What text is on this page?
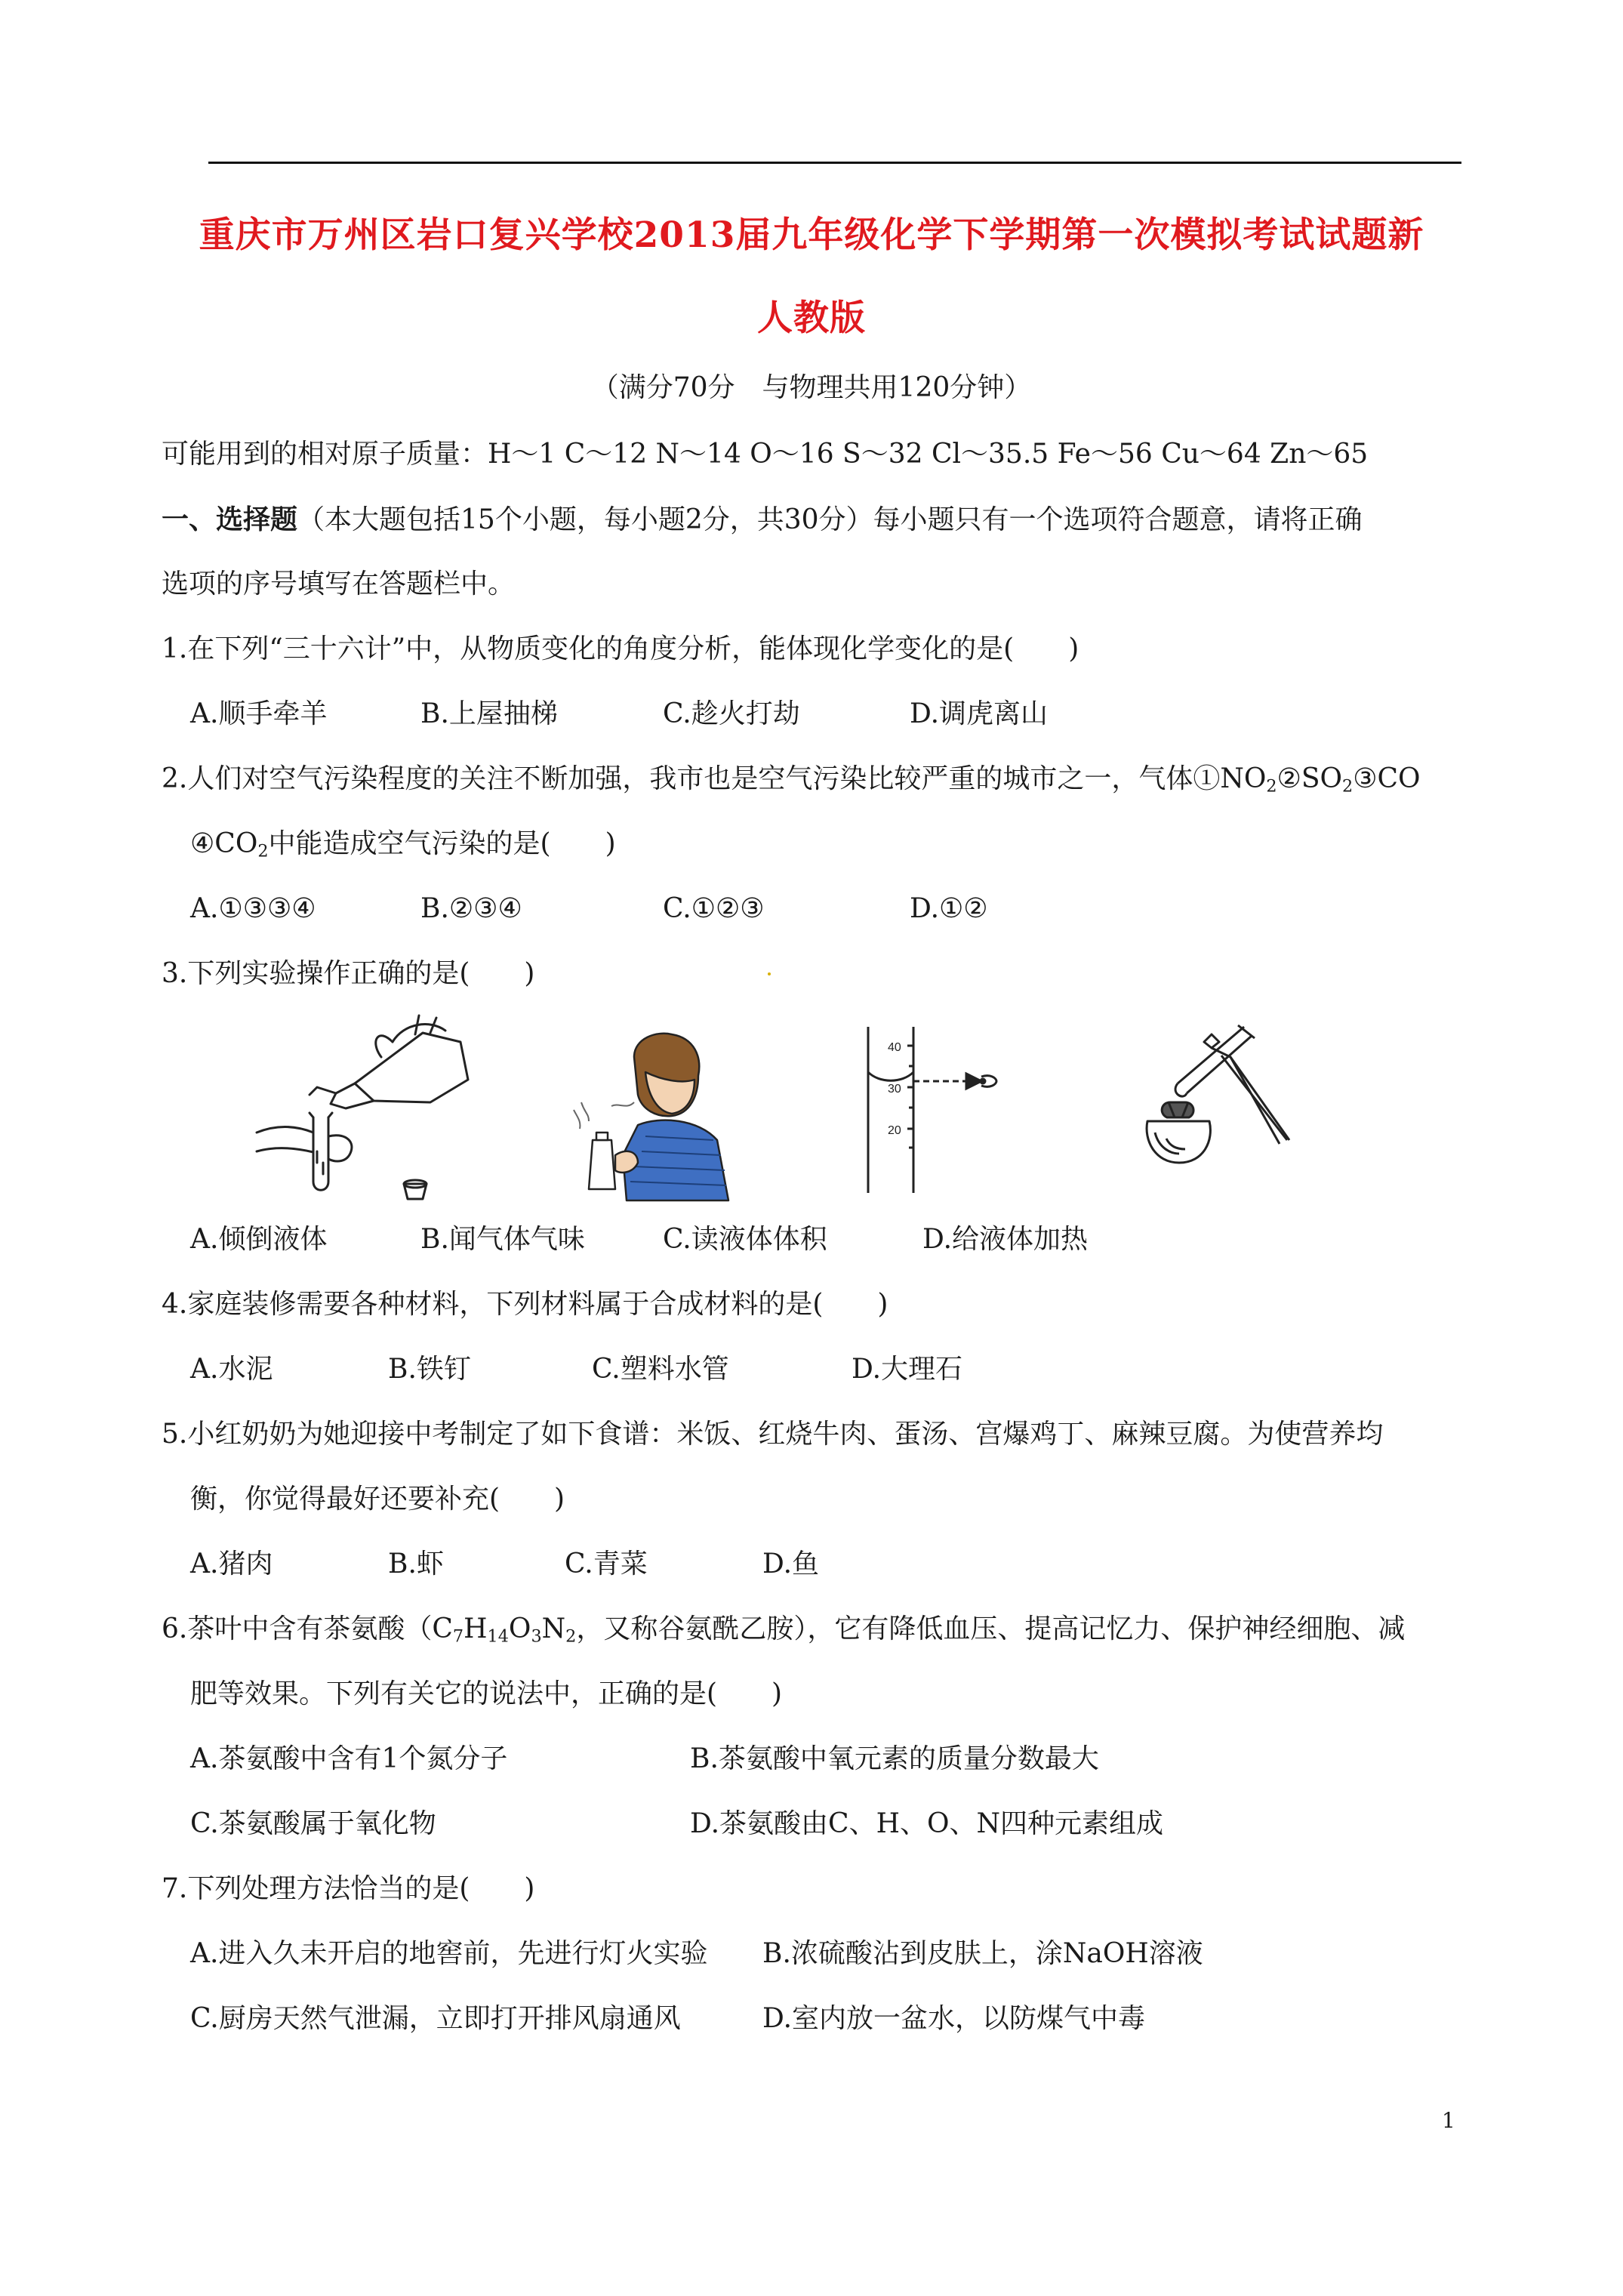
重庆市万州区岩口复兴学校2013届九年级化学下学期第一次模拟考试试题新
人教版
（满分70分　与物理共用120分钟）
可能用到的相对原子质量：H～1 C～12 N～14 O～16 S～32 Cl～35.5 Fe～56 Cu～64 Zn～65
一、选择题（本大题包括15个小题，每小题2分，共30分）每小题只有一个选项符合题意，请将正确
选项的序号填写在答题栏中。
1.在下列“三十六计”中，从物质变化的角度分析，能体现化学变化的是(　　)
A.顺手牵羊	B.上屋抽梯	C.趁火打劫	D.调虎离山
2.人们对空气污染程度的关注不断加强，我市也是空气污染比较严重的城市之一，气体$①NO_2②SO_2③CO$
$④CO_2$中能造成空气污染的是(　　)
A.①③③④	B.②③④	C.①②③	D.①②
3.下列实验操作正确的是(　　)
40
30
20
A.倾倒液体	B.闻气体气味	C.读液体体积	D.给液体加热
4.家庭装修需要各种材料，下列材料属于合成材料的是(　　)
A.水泥	B.铁钉	C.塑料水管	D.大理石
5.小红奶奶为她迎接中考制定了如下食谱：米饭、红烧牛肉、蛋汤、宫爆鸡丁、麻辣豆腐。为使营养均
衡，你觉得最好还要补充(　　)
A.猪肉	B.虾	C.青菜	D.鱼
6.茶叶中含有茶氨酸（$C_7H_{14}O_3N_2$，又称谷氨酰乙胺），它有降低血压、提高记忆力、保护神经细胞、减
肥等效果。下列有关它的说法中，正确的是(　　)
A.茶氨酸中含有1个氮分子	B.茶氨酸中氧元素的质量分数最大
C.茶氨酸属于氧化物	D.茶氨酸由C、H、O、N四种元素组成
7.下列处理方法恰当的是(　　)
A.进入久未开启的地窖前，先进行灯火实验 B.浓硫酸沾到皮肤上，涂NaOH溶液
C.厨房天然气泄漏，立即打开排风扇通风	D.室内放一盆水，以防煤气中毒
1
